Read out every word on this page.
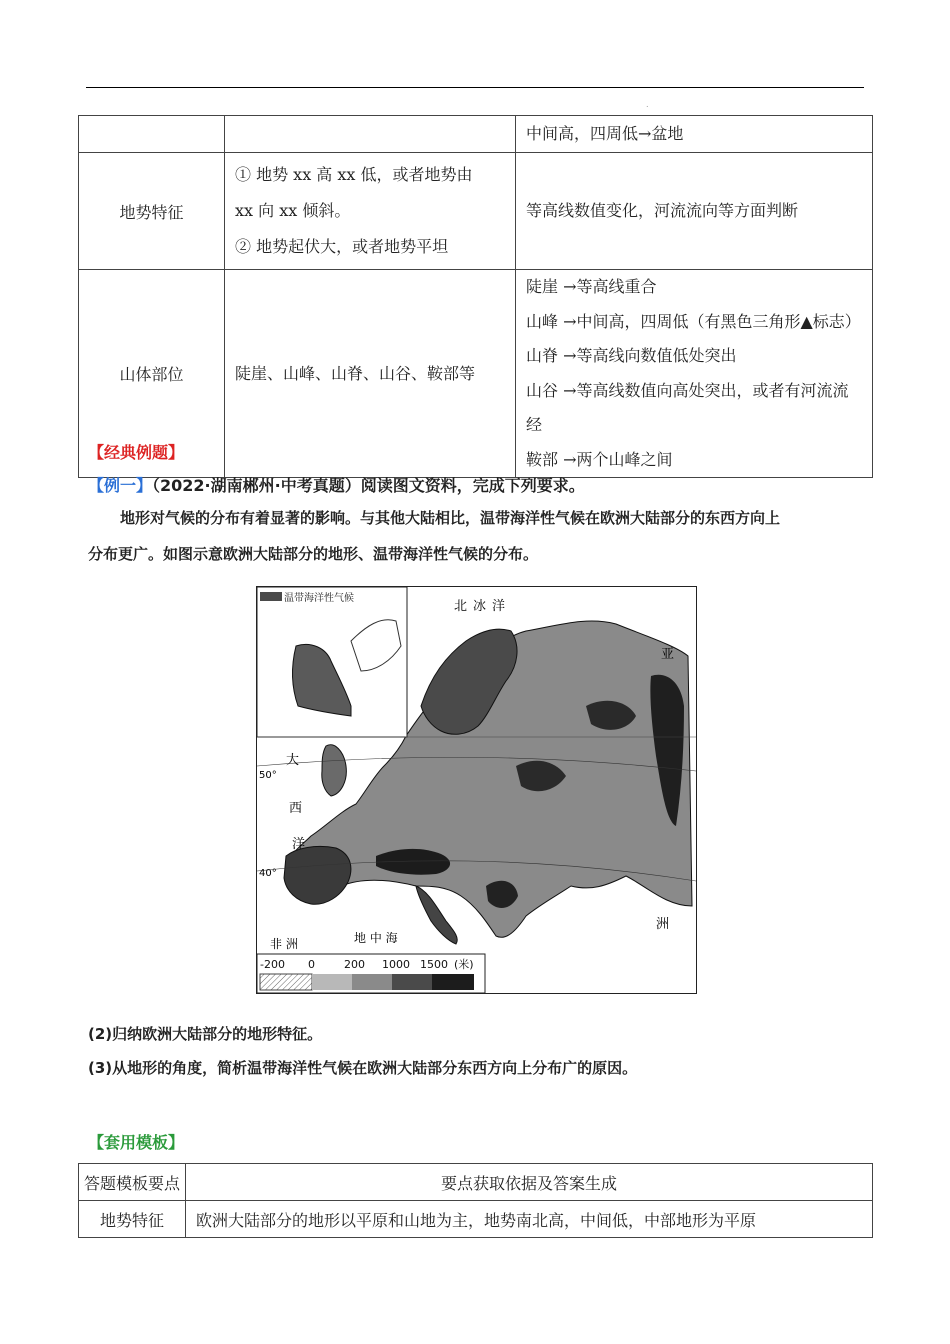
.
		中间高，四周低→盆地
地势特征	① 地势 xx 高 xx 低，或者地势由
xx 向 xx 倾斜。
② 地势起伏大，或者地势平坦	等高线数值变化，河流流向等方面判断
山体部位	陡崖、山峰、山脊、山谷、鞍部等	陡崖 →等高线重合
山峰 →中间高，四周低（有黑色三角形▲标志）
山脊 →等高线向数值低处突出
山谷 →等高线数值向高处突出，或者有河流流经
鞍部 →两个山峰之间
【经典例题】
【例一】（2022·湖南郴州·中考真题）阅读图文资料，完成下列要求。
地形对气候的分布有着显著的影响。与其他大陆相比，温带海洋性气候在欧洲大陆部分的东西方向上
分布更广。如图示意欧洲大陆部分的地形、温带海洋性气候的分布。
温带海洋性气候
北冰洋
亚
洲
大
西
洋
50°
40°
地 中 海
非 洲
-200 0	200 1000 1500 (米)
(2)归纳欧洲大陆部分的地形特征。
(3)从地形的角度，简析温带海洋性气候在欧洲大陆部分东西方向上分布广的原因。
【套用模板】
答题模板要点	要点获取依据及答案生成
地势特征	欧洲大陆部分的地形以平原和山地为主，地势南北高，中间低，中部地形为平原
